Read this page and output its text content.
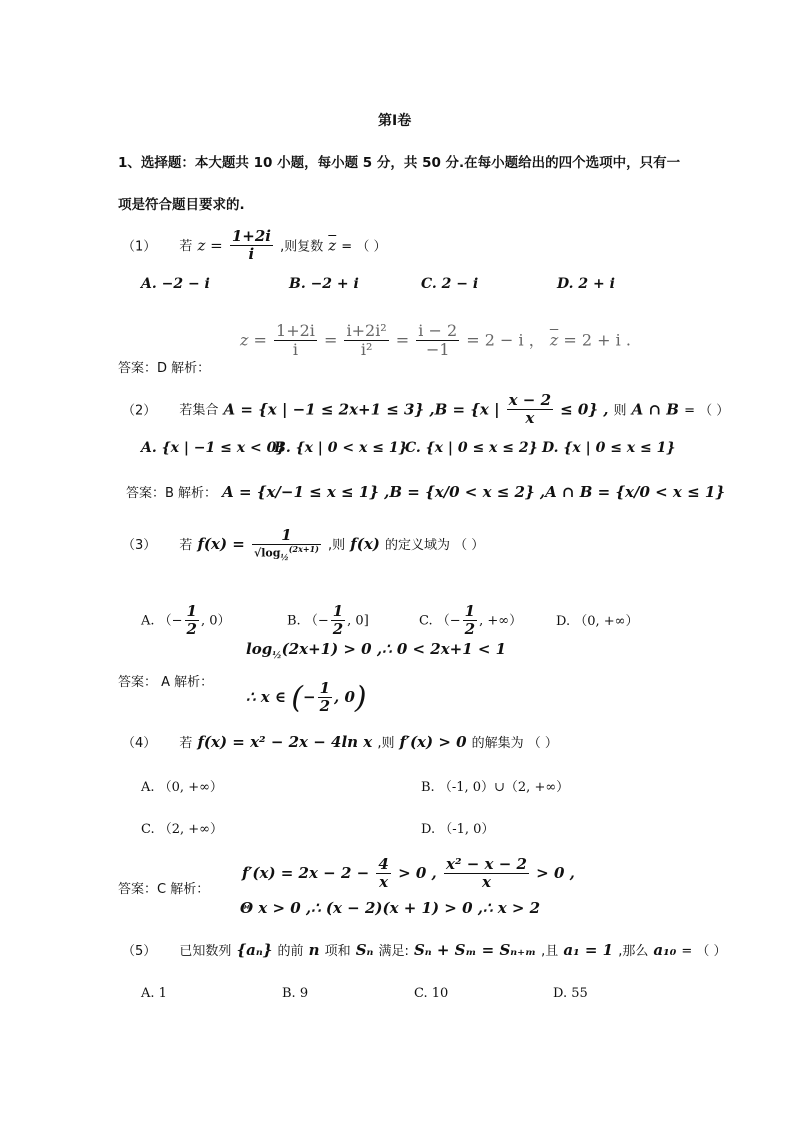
第Ⅰ卷
1、选择题：本大题共 10 小题，每小题 5 分，共 50 分.在每小题给出的四个选项中，只有一
项是符合题目要求的.
（1） 若 $z = \frac{1+2i}{i}$ ,则复数 $\overline{z}$ = （ ）
A. −2 − i	B. −2 + i	C. 2 − i	D. 2 + i
答案：D 解析：
$z = \frac{1+2i}{i} = \frac{\text{i+2i²}}{\text{i²}} = \frac{i - 2}{-1} = 2 - i$ ， $\overline{z} = 2 + i$ .
（2） 若集合 A = {x | −1 ≤ 2x+1 ≤ 3} ,B = {x | $\frac{x - 2}{x} \le 0$} , 则 A ∩ B = （ ）
A. {x | −1 ≤ x < 0}
B. {x | 0 < x ≤ 1}
C. {x | 0 ≤ x ≤ 2} D. {x | 0 ≤ x ≤ 1}
答案：B 解析： A = {x/−1 ≤ x ≤ 1} ,B = {x/0 < x ≤ 2} ,A ∩ B = {x/0 < x ≤ 1}
（3） 若 $f(x) = \frac{1}{√\log_{\frac{1}{2}}^{(2x+1)}}$ ,则 f(x) 的定义域为 （ ）
A. （− $\frac{1}{2}$ , 0）	B. （− $\frac{1}{2}$ , 0]	C. （− $\frac{1}{2}$ , +∞）	D. （0, +∞）
$\log_{\frac{1}{2}}(2x+1) > 0$ ,∴ 0 < 2x+1 < 1
答案： A 解析：
∴ x ∈ (− $\frac{1}{2}$ , 0)
（4） 若 f(x) = x² − 2x − 4ln x ,则 f′(x) > 0 的解集为 （ ）
A. （0, +∞）	B. （-1, 0）∪（2, +∞）
C. （2, +∞）	D. （-1, 0）
$f'(x) = 2x - 2 - \frac{4}{x} > 0$ , $\frac{\text{x² − x − 2}}{x} > 0$ ,
答案：C 解析：
Θ x > 0 ,∴ (x − 2)(x + 1) > 0 ,∴ x > 2
（5） 已知数列 {aₙ} 的前 n 项和 Sₙ 满足: Sₙ + Sₘ = Sₙ₊ₘ ,且 a₁ = 1 ,那么 a₁₀ = （ ）
A. 1	B. 9	C. 10	D. 55
